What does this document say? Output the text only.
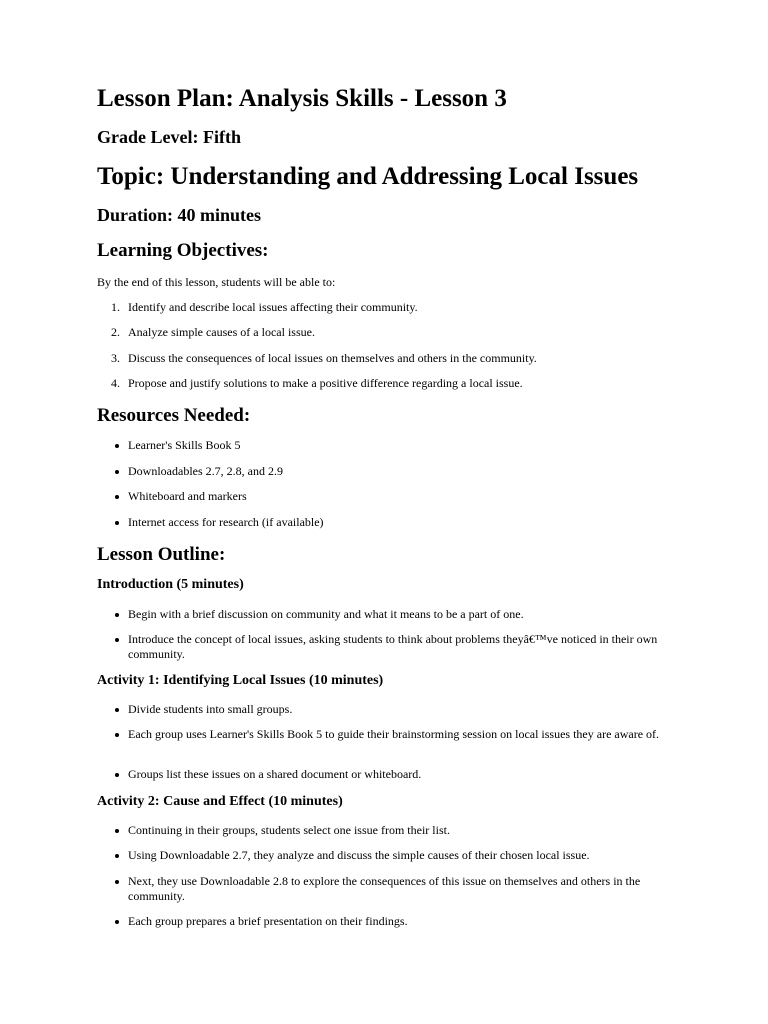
Lesson Plan: Analysis Skills - Lesson 3
Grade Level: Fifth
Topic: Understanding and Addressing Local Issues
Duration: 40 minutes
Learning Objectives:

By the end of this lesson, students will be able to:

1. Identify and describe local issues affecting their community.
2. Analyze simple causes of a local issue.
3. Discuss the consequences of local issues on themselves and others in the community.
4. Propose and justify solutions to make a positive difference regarding a local issue.
Resources Needed:
Learner's Skills Book 5
Downloadables 2.7, 2.8, and 2.9
Whiteboard and markers
Internet access for research (if available)
Lesson Outline:
Introduction (5 minutes)
Begin with a brief discussion on community and what it means to be a part of one.
Introduce the concept of local issues, asking students to think about problems theyâ€™ve noticed in their own community.
Activity 1: Identifying Local Issues (10 minutes)
Divide students into small groups.
Each group uses Learner's Skills Book 5 to guide their brainstorming session on local issues they are aware of.
Groups list these issues on a shared document or whiteboard.
Activity 2: Cause and Effect (10 minutes)
Continuing in their groups, students select one issue from their list.
Using Downloadable 2.7, they analyze and discuss the simple causes of their chosen local issue.
Next, they use Downloadable 2.8 to explore the consequences of this issue on themselves and others in the community.
Each group prepares a brief presentation on their findings.
